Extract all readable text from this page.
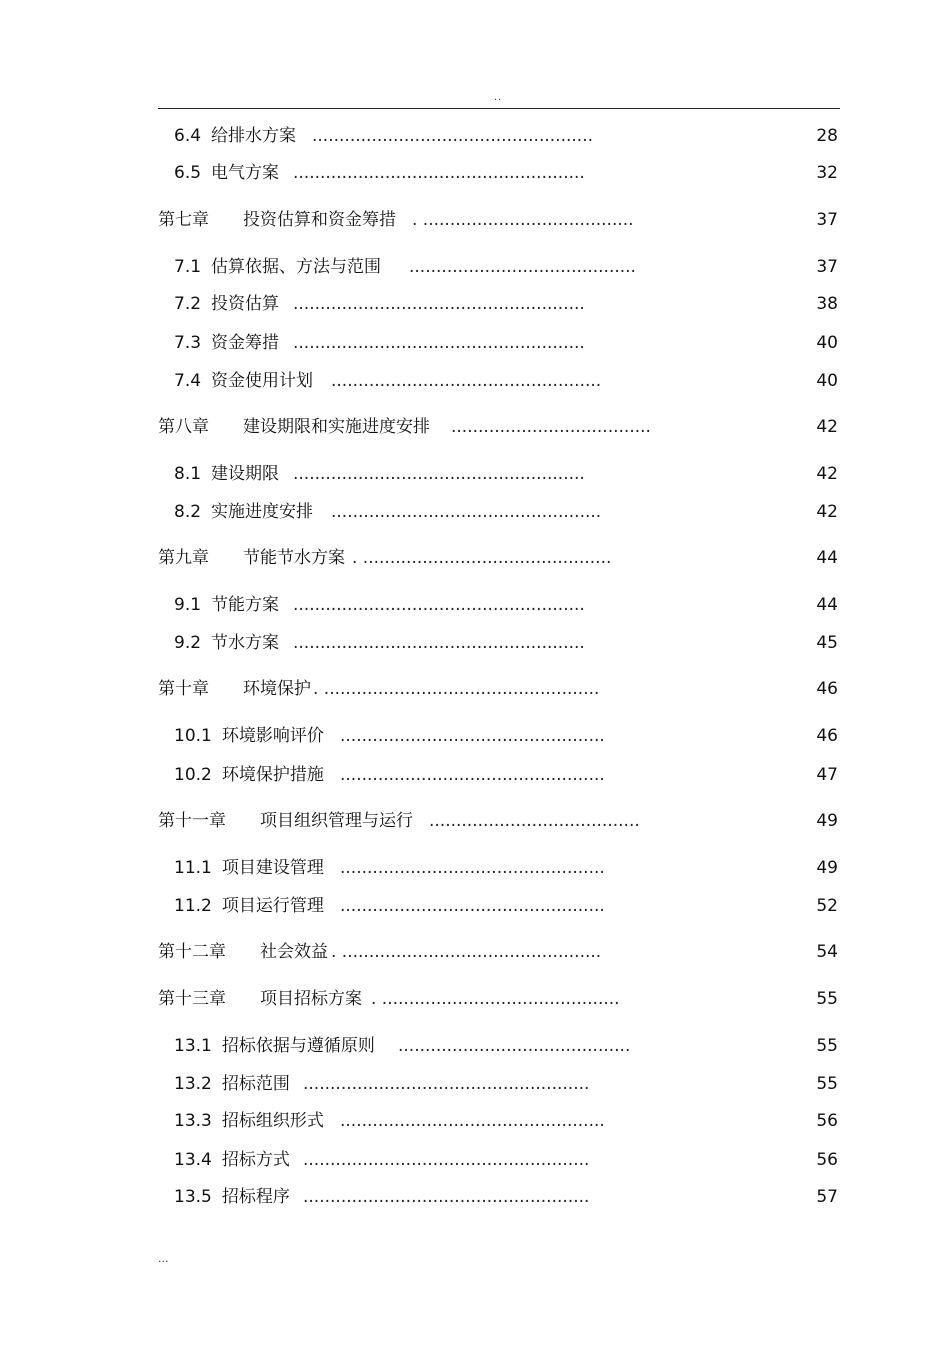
..
6.4 给排水方案 ....................................................	28
6.5 电气方案 ......................................................	32
第七章 投资估算和资金筹措 . .......................................	37
7.1 估算依据、方法与范围 ..........................................	37
7.2 投资估算 ......................................................	38
7.3 资金筹措 ......................................................	40
7.4 资金使用计划 ..................................................	40
第八章 建设期限和实施进度安排 .....................................	42
8.1 建设期限 ......................................................	42
8.2 实施进度安排 ..................................................	42
第九章 节能节水方案 . ..............................................	44
9.1 节能方案 ......................................................	44
9.2 节水方案 ......................................................	45
第十章 环境保护 . ...................................................	46
10.1 环境影响评价 .................................................	46
10.2 环境保护措施 .................................................	47
第十一章 项目组织管理与运行 .......................................	49
11.1 项目建设管理 .................................................	49
11.2 项目运行管理 .................................................	52
第十二章 社会效益 . ................................................	54
第十三章 项目招标方案 . ............................................	55
13.1 招标依据与遵循原则 ...........................................	55
13.2 招标范围 .....................................................	55
13.3 招标组织形式 .................................................	56
13.4 招标方式 .....................................................	56
13.5 招标程序 .....................................................	57
...
